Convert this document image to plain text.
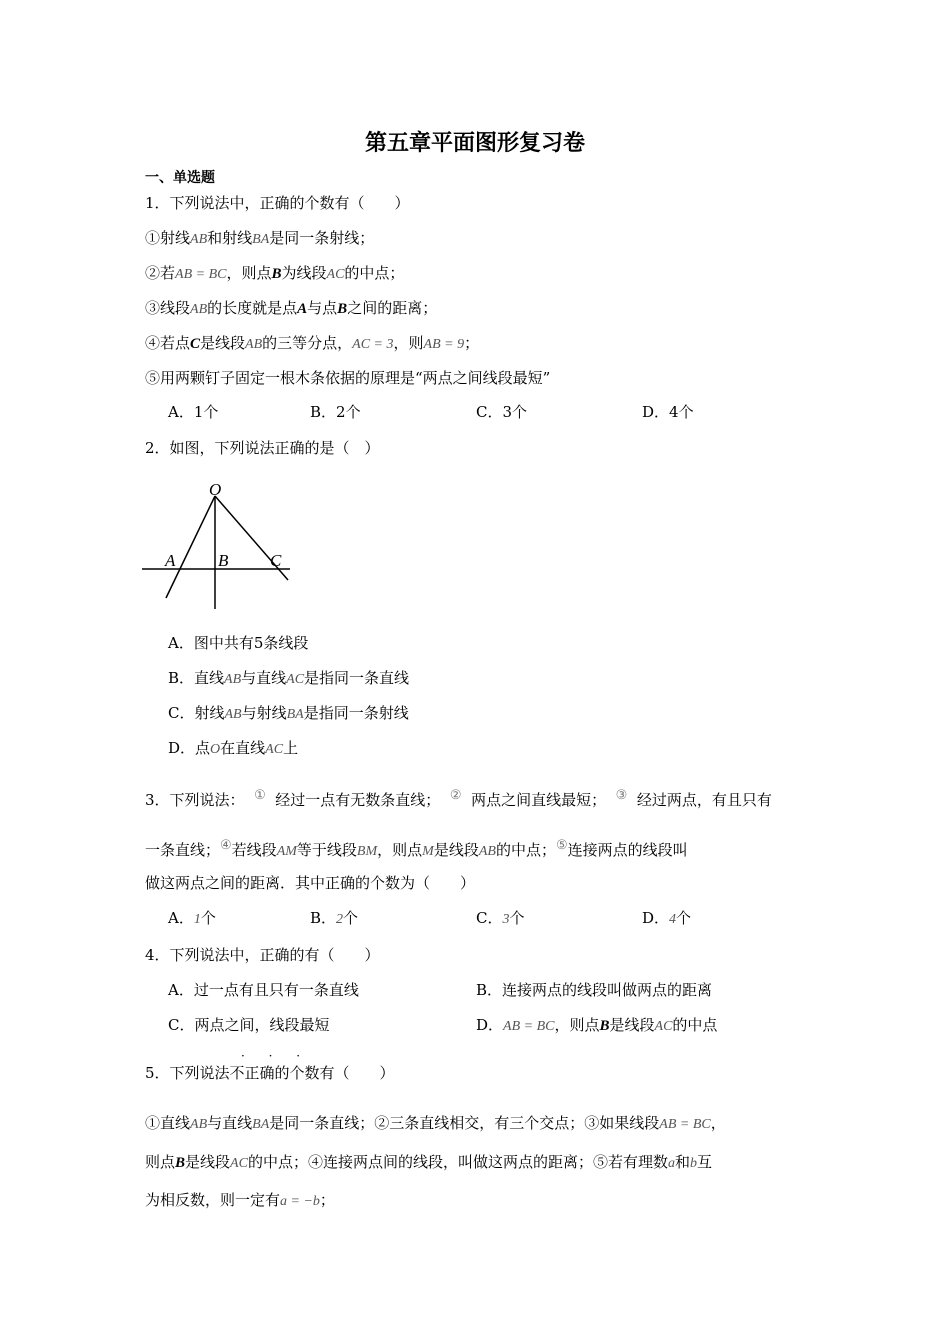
第五章平面图形复习卷
一、单选题
1．下列说法中，正确的个数有（　　）
①射线AB和射线BA是同一条射线；
②若AB = BC，则点B为线段AC的中点；
③线段AB的长度就是点A与点B之间的距离；
④若点C是线段AB的三等分点，AC = 3，则AB = 9；
⑤用两颗钉子固定一根木条依据的原理是“两点之间线段最短”
A．1个	B．2个	C．3个	D．4个
2．如图，下列说法正确的是（　）
O
A	B C
A．图中共有5条线段
B．直线AB与直线AC是指同一条直线
C．射线AB与射线BA是指同一条射线
D．点O在直线AC上
3．下列说法： ① 经过一点有无数条直线； ② 两点之间直线最短； ③ 经过两点，有且只有
一条直线；④若线段AM等于线段BM，则点M是线段AB的中点；⑤连接两点的线段叫
做这两点之间的距离．其中正确的个数为（　　）
A．1个	B．2个	C．3个	D．4个
4．下列说法中，正确的有（　　）
A．过一点有且只有一条直线	B．连接两点的线段叫做两点的距离
C．两点之间，线段最短	D．AB = BC，则点B是线段AC的中点
· · ·
5．下列说法不正确的个数有（　　）
①直线AB与直线BA是同一条直线；②三条直线相交，有三个交点；③如果线段AB = BC，
则点B是线段AC的中点；④连接两点间的线段，叫做这两点的距离；⑤若有理数a和b互
为相反数，则一定有a = −b；
